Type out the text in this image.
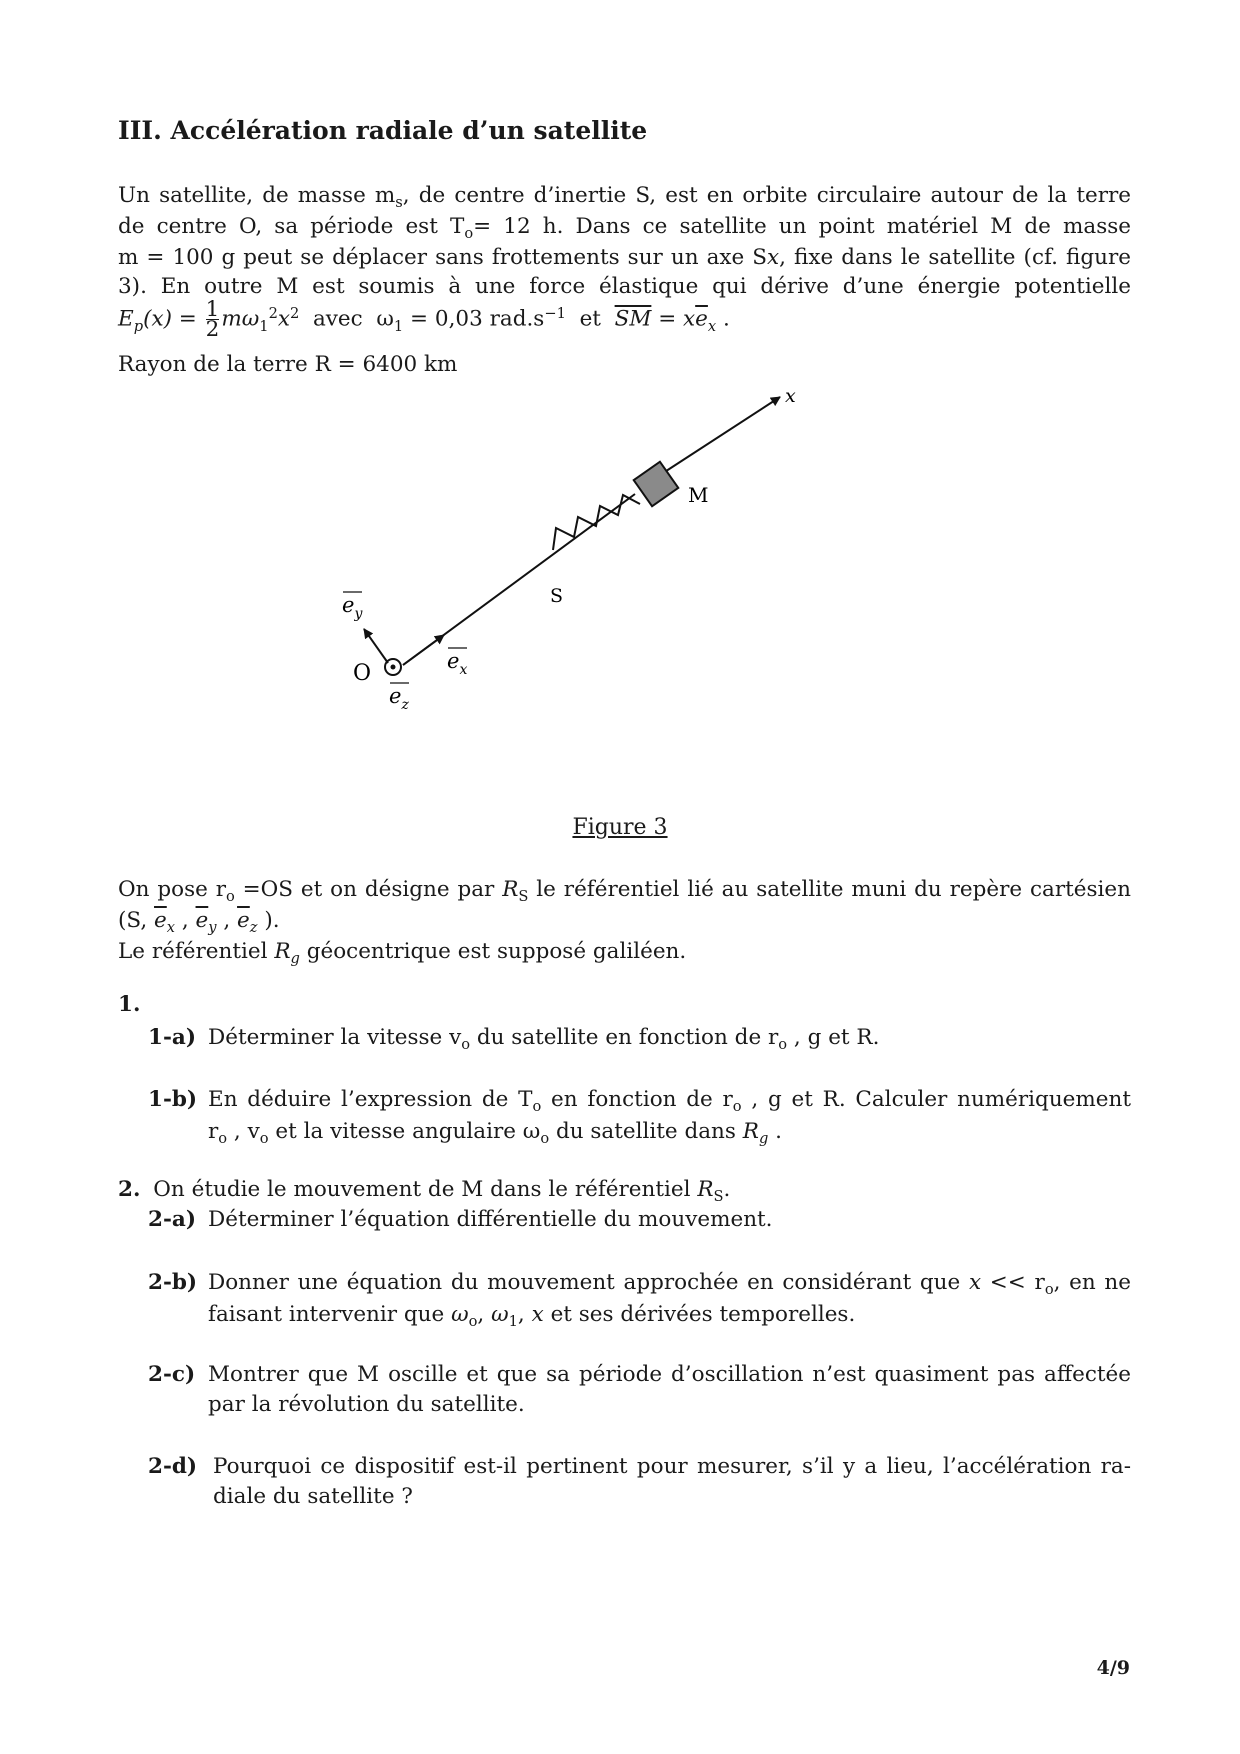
III. Accélération radiale d’un satellite
Un satellite, de masse $m_s$, de centre d’inertie S, est en orbite circulaire autour de la terre
de centre O, sa période est $T_o= 12$ h. Dans ce satellite un point matériel M de masse
m = 100 g peut se déplacer sans frottements sur un axe Sx, fixe dans le satellite (cf. figure
3). En outre M est soumis à une force élastique qui dérive d’une énergie potentielle
$E_p(x) = \frac{1}{2} m\omega_1^2x^2$ avec $\omega_1 = 0,03$ $rad.s^{-1}$ et $\overline{SM} = x\overline{e}_x$ .
Rayon de la terre R = 6400 km
x
M
S
O
$e_y$
$e_x$
$e_z$
Figure 3
On pose $r_o =OS$ et on désigne par $R_S$ le référentiel lié au satellite muni du repère cartésien
(S, $\overline{e}_x$ , $\overline{e}_y$ , $\overline{e}_z$ ).
Le référentiel $R_g$ géocentrique est supposé galiléen.
1.
1-a) Déterminer la vitesse $v_o$ du satellite en fonction de $r_o$ , g et R.
1-b) En déduire l’expression de $T_o$ en fonction de $r_o$ , g et R. Calculer numériquement
$r_o$ , $v_o$ et la vitesse angulaire $\omega_o$ du satellite dans $R_g$ .
2. On étudie le mouvement de M dans le référentiel $R_S$.
2-a) Déterminer l’équation différentielle du mouvement.
2-b) Donner une équation du mouvement approchée en considérant que $x << r_o$, en ne
faisant intervenir que $\omega_o$, $\omega_1$, x et ses dérivées temporelles.
2-c) Montrer que M oscille et que sa période d’oscillation n’est quasiment pas affectée
par la révolution du satellite.
2-d) Pourquoi ce dispositif est-il pertinent pour mesurer, s’il y a lieu, l’accélération ra-
diale du satellite ?
4/9
